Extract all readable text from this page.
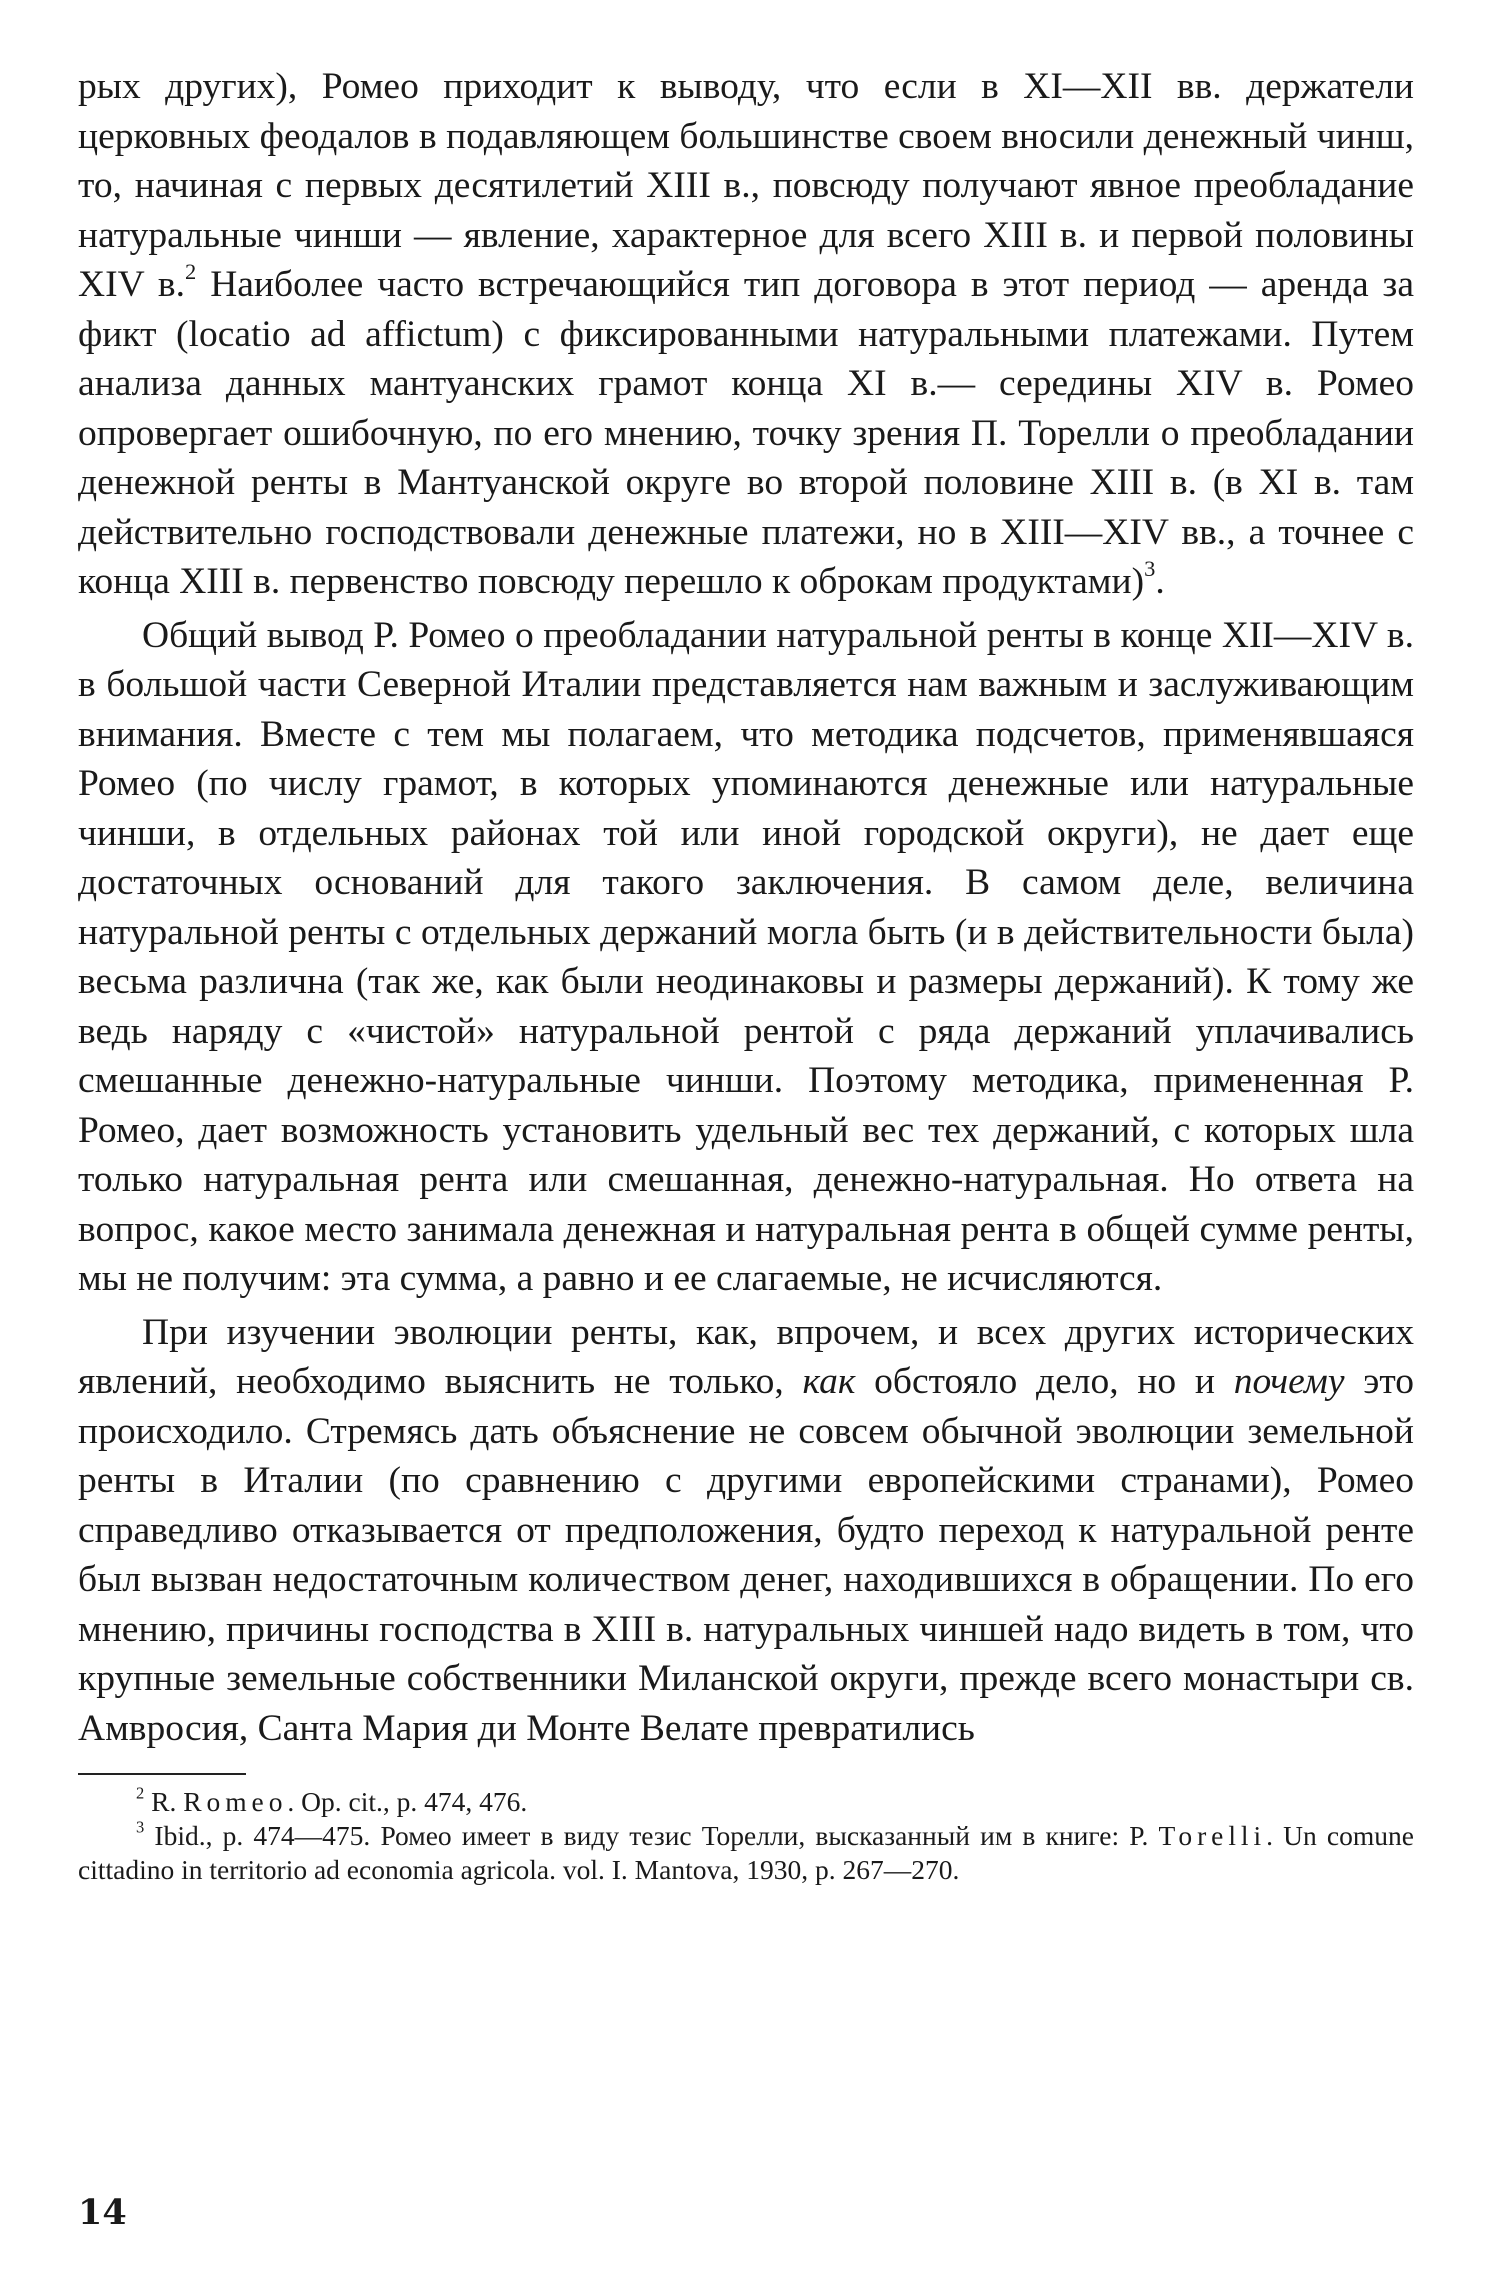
рых других), Ромео приходит к выводу, что если в XI—XII вв. держатели церковных феодалов в подавляющем большинстве своем вносили денежный чинш, то, начиная с первых десятилетий XIII в., повсюду получают явное преобладание натуральные чинши — явление, характерное для всего XIII в. и первой половины XIV в.$^2$ Наиболее часто встречающийся тип договора в этот период — аренда за фикт (locatio ad affictum) с фиксированными натуральными платежами. Путем анализа данных мантуанских грамот конца XI в.— середины XIV в. Ромео опровергает ошибочную, по его мнению, точку зрения П. Торелли о преобладании денежной ренты в Мантуанской округе во второй половине XIII в. (в XI в. там действительно господствовали денежные платежи, но в XIII—XIV вв., а точнее с конца XIII в. первенство повсюду перешло к оброкам продуктами)$^3$.

Общий вывод Р. Ромео о преобладании натуральной ренты в конце XII—XIV в. в большой части Северной Италии представляется нам важным и заслуживающим внимания. Вместе с тем мы полагаем, что методика подсчетов, применявшаяся Ромео (по числу грамот, в которых упоминаются денежные или натуральные чинши, в отдельных районах той или иной городской округи), не дает еще достаточных оснований для такого заключения. В самом деле, величина натуральной ренты с отдельных держаний могла быть (и в действительности была) весьма различна (так же, как были неодинаковы и размеры держаний). К тому же ведь наряду с «чистой» натуральной рентой с ряда держаний уплачивались смешанные денежно-натуральные чинши. Поэтому методика, примененная Р. Ромео, дает возможность установить удельный вес тех держаний, с которых шла только натуральная рента или смешанная, денежно-натуральная. Но ответа на вопрос, какое место занимала денежная и натуральная рента в общей сумме ренты, мы не получим: эта сумма, а равно и ее слагаемые, не исчисляются.

При изучении эволюции ренты, как, впрочем, и всех других исторических явлений, необходимо выяснить не только, как обстояло дело, но и почему это происходило. Стремясь дать объяснение не совсем обычной эволюции земельной ренты в Италии (по сравнению с другими европейскими странами), Ромео справедливо отказывается от предположения, будто переход к натуральной ренте был вызван недостаточным количеством денег, находившихся в обращении. По его мнению, причины господства в XIII в. натуральных чиншей надо видеть в том, что крупные земельные собственники Миланской округи, прежде всего монастыри св. Амвросия, Санта Мария ди Монте Велате превратились

$^2$ R. Romeo. Op. cit., p. 474, 476.

$^3$ Ibid., p. 474—475. Ромео имеет в виду тезис Торелли, высказанный им в книге: P. Torelli. Un comune cittadino in territorio ad economia agricola. vol. I. Mantova, 1930, p. 267—270.

14
